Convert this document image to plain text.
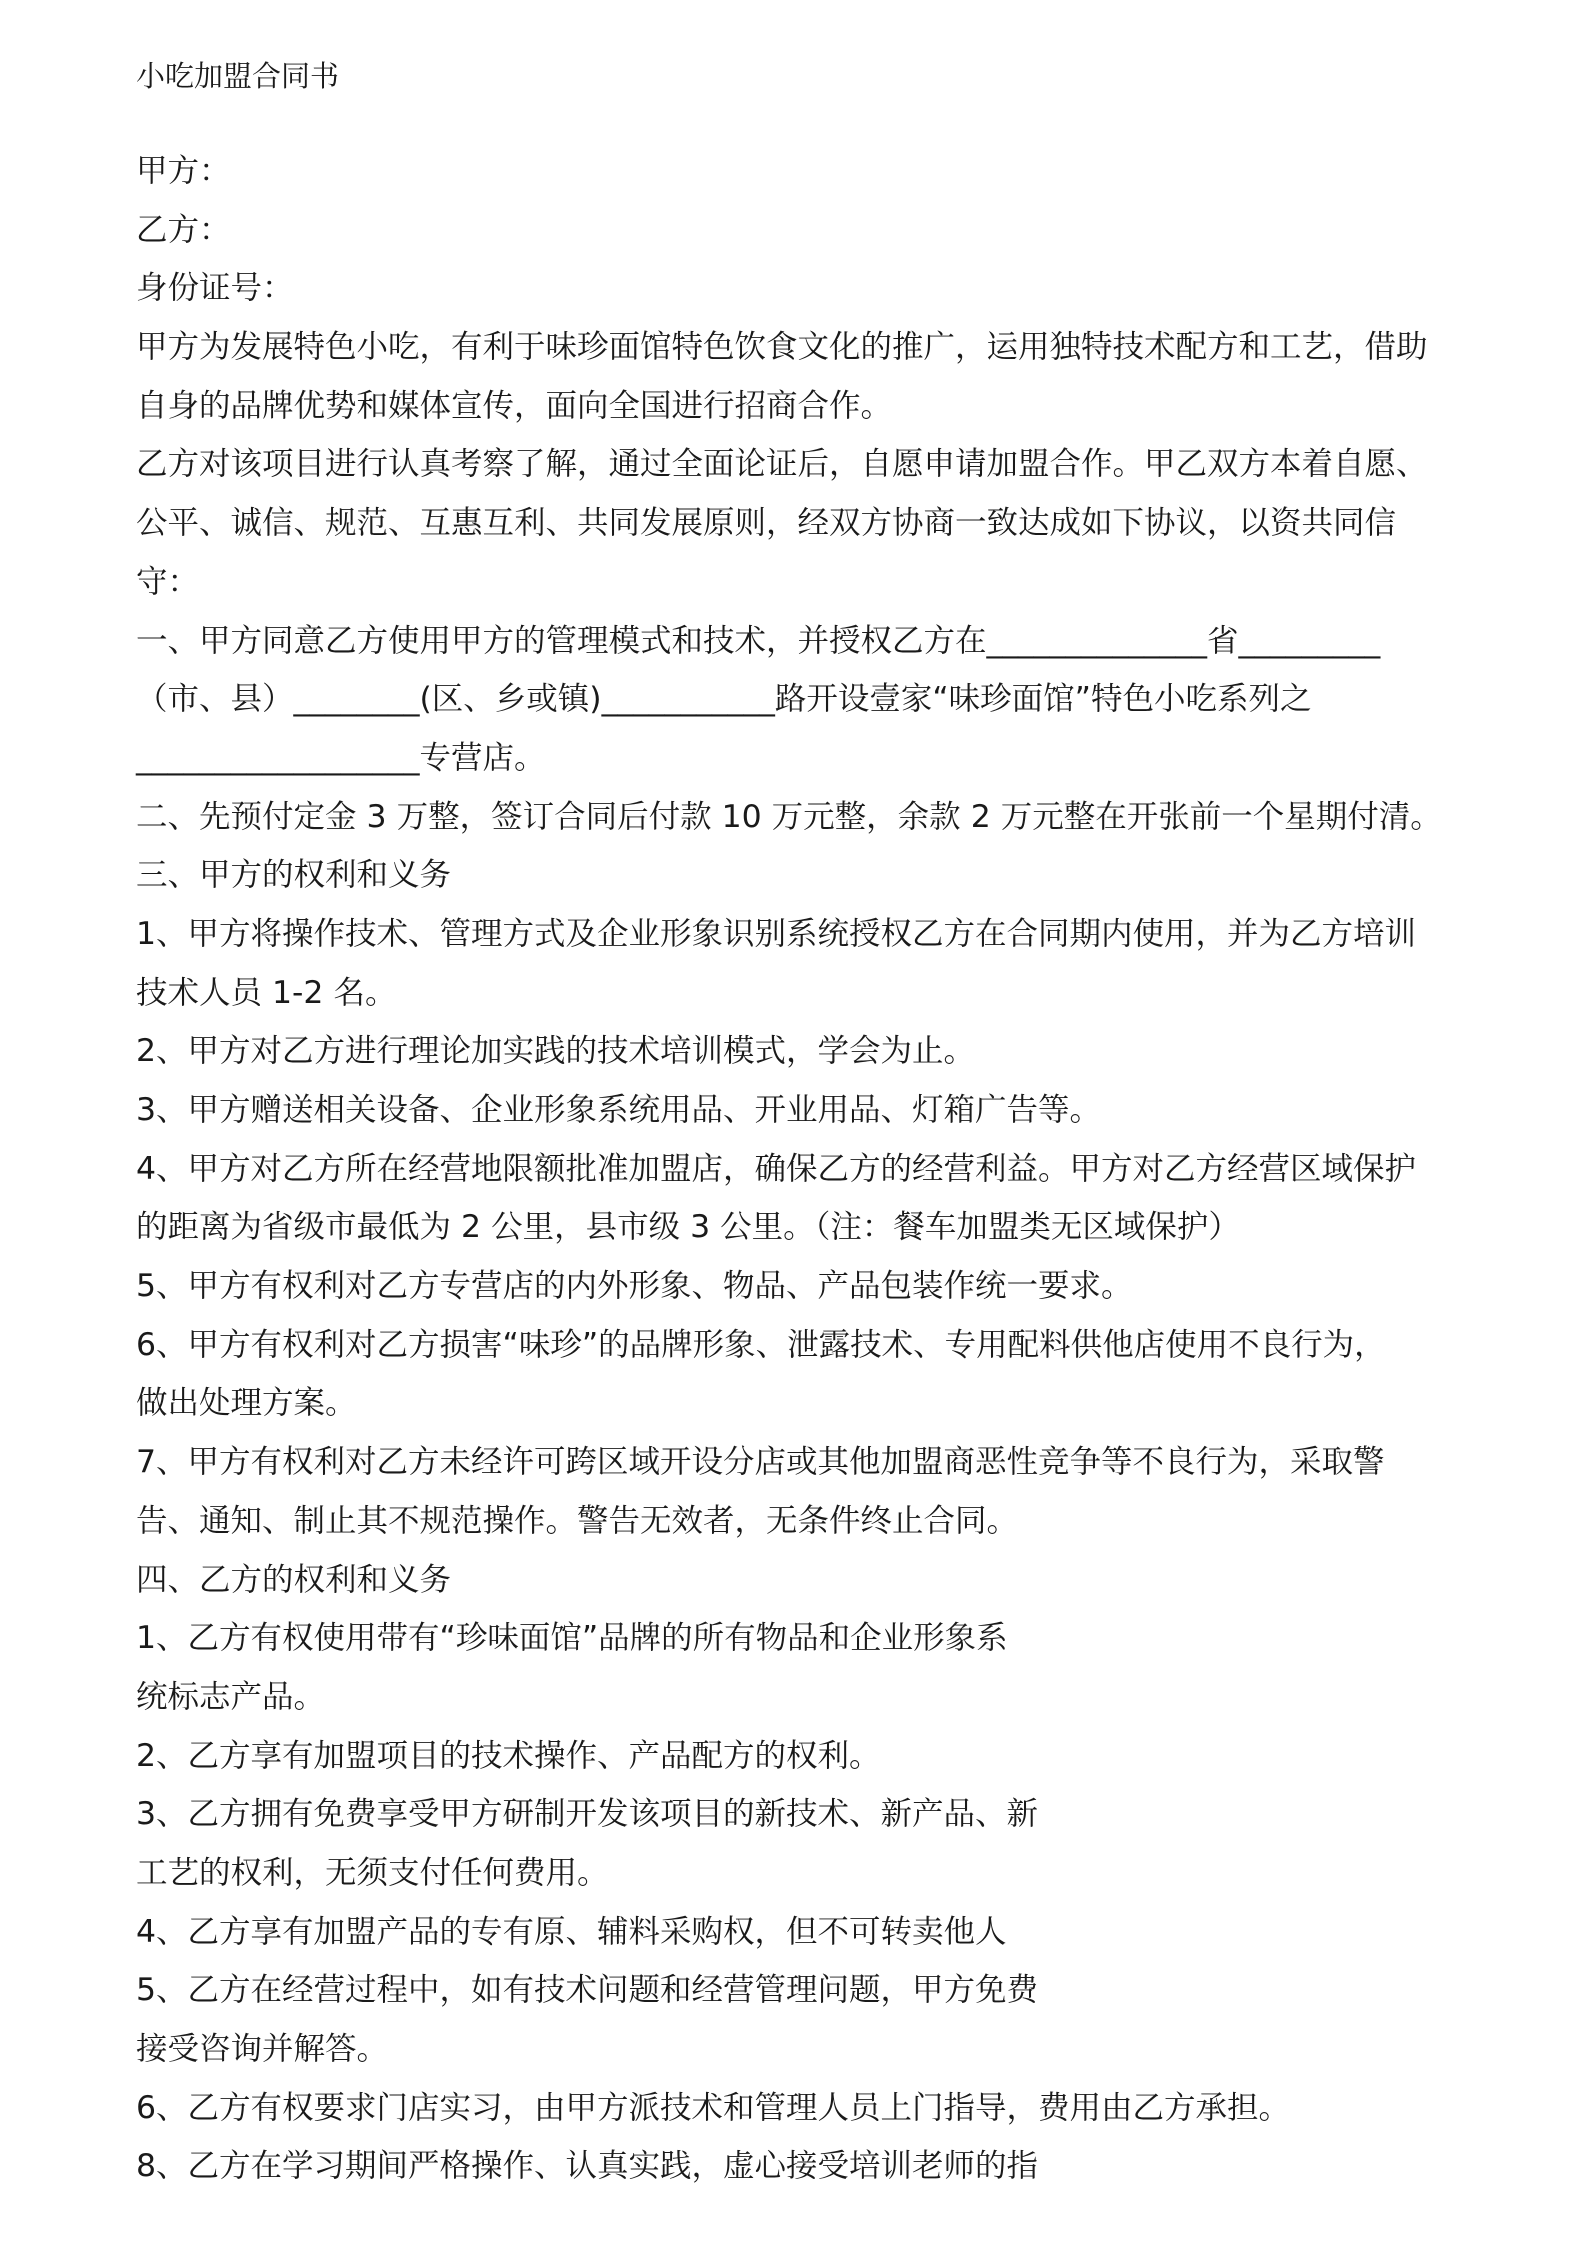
小吃加盟合同书
甲方：
乙方：
身份证号：
甲方为发展特色小吃，有利于味珍面馆特色饮食文化的推广，运用独特技术配方和工艺，借助
自身的品牌优势和媒体宣传，面向全国进行招商合作。
乙方对该项目进行认真考察了解，通过全面论证后，自愿申请加盟合作。甲乙双方本着自愿、
公平、诚信、规范、互惠互利、共同发展原则，经双方协商一致达成如下协议，以资共同信
守：
一、甲方同意乙方使用甲方的管理模式和技术，并授权乙方在______________省_________
（市、县）________(区、乡或镇)___________路开设壹家“味珍面馆”特色小吃系列之
__________________专营店。
二、先预付定金 3 万整，签订合同后付款 10 万元整，余款 2 万元整在开张前一个星期付清。
三、甲方的权利和义务
1、甲方将操作技术、管理方式及企业形象识别系统授权乙方在合同期内使用，并为乙方培训
技术人员 1-2 名。
2、甲方对乙方进行理论加实践的技术培训模式，学会为止。
3、甲方赠送相关设备、企业形象系统用品、开业用品、灯箱广告等。
4、甲方对乙方所在经营地限额批准加盟店，确保乙方的经营利益。甲方对乙方经营区域保护
的距离为省级市最低为 2 公里，县市级 3 公里。（注：餐车加盟类无区域保护）
5、甲方有权利对乙方专营店的内外形象、物品、产品包装作统一要求。
6、甲方有权利对乙方损害“味珍”的品牌形象、泄露技术、专用配料供他店使用不良行为，
做出处理方案。
7、甲方有权利对乙方未经许可跨区域开设分店或其他加盟商恶性竞争等不良行为，采取警
告、通知、制止其不规范操作。警告无效者，无条件终止合同。
四、乙方的权利和义务
1、乙方有权使用带有“珍味面馆”品牌的所有物品和企业形象系
统标志产品。
2、乙方享有加盟项目的技术操作、产品配方的权利。
3、乙方拥有免费享受甲方研制开发该项目的新技术、新产品、新
工艺的权利，无须支付任何费用。
4、乙方享有加盟产品的专有原、辅料采购权，但不可转卖他人
5、乙方在经营过程中，如有技术问题和经营管理问题，甲方免费
接受咨询并解答。
6、乙方有权要求门店实习，由甲方派技术和管理人员上门指导，费用由乙方承担。
8、乙方在学习期间严格操作、认真实践，虚心接受培训老师的指
